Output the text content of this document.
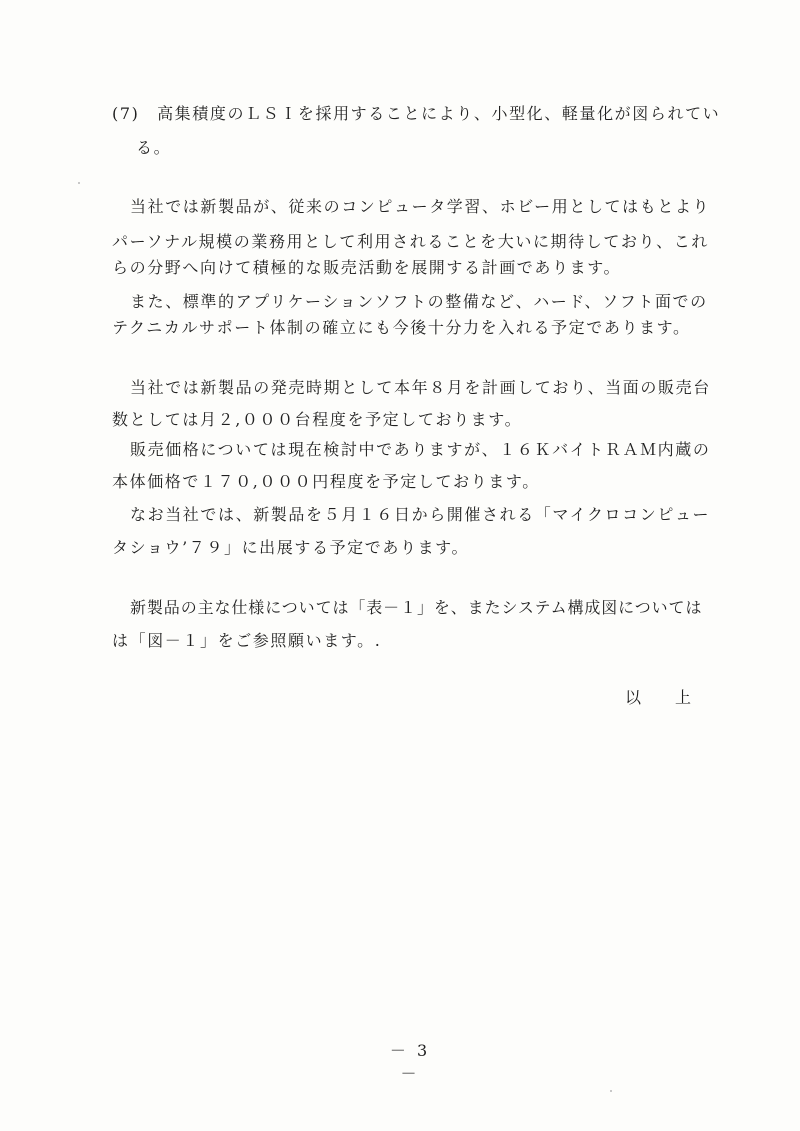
(7)　高集積度のＬＳＩを採用することにより、小型化、軽量化が図られてい
る。
当社では新製品が、従来のコンピュータ学習、ホビー用としてはもとより
パーソナル規模の業務用として利用されることを大いに期待しており、これ
らの分野へ向けて積極的な販売活動を展開する計画であります。
また、標準的アプリケーションソフトの整備など、ハード、ソフト面での
テクニカルサポート体制の確立にも今後十分力を入れる予定であります。
当社では新製品の発売時期として本年８月を計画しており、当面の販売台
数としては月２,０００台程度を予定しております。
販売価格については現在検討中でありますが、１６ＫバイトＲＡＭ内蔵の
本体価格で１７０,０００円程度を予定しております。
なお当社では、新製品を５月１６日から開催される「マイクロコンピュー
タショウ’７９」に出展する予定であります。
新製品の主な仕様については「表－１」を、またシステム構成図については
は「図－１」をご参照願います。.
以 上
－ 3 －
